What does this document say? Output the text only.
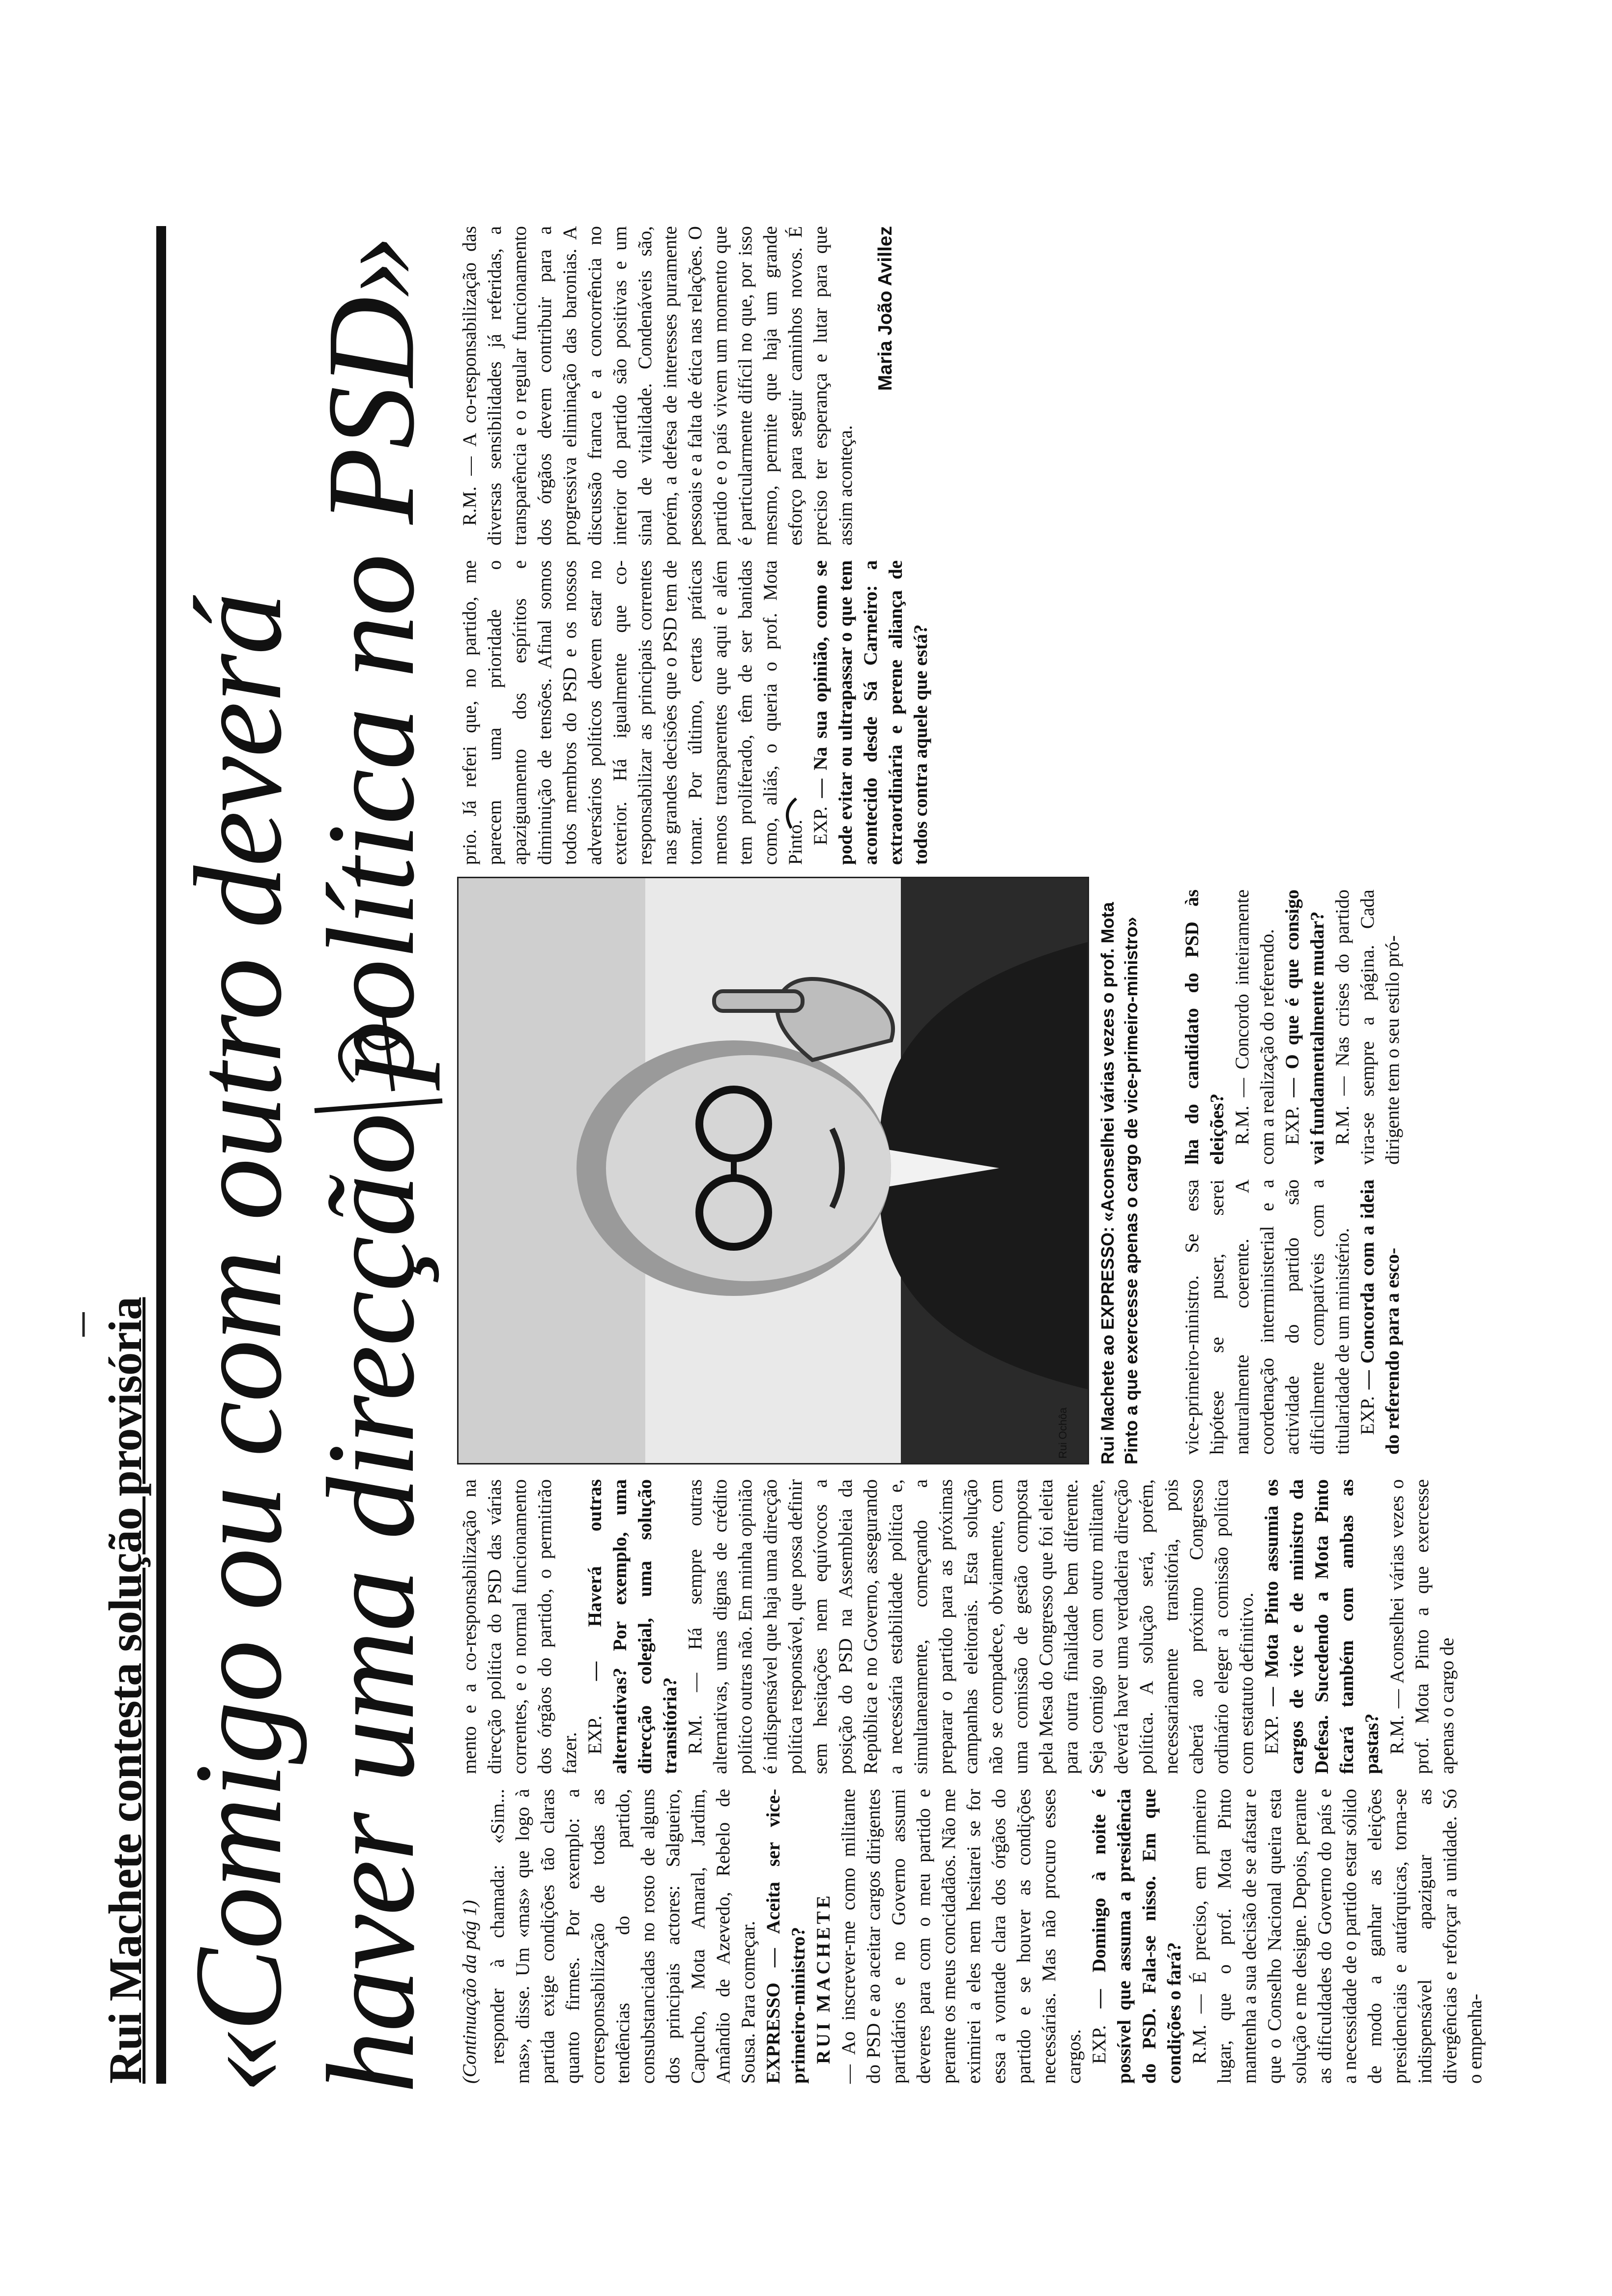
Rui Machete contesta solução provisória «Comigo ou com outro deverá
haver uma direcção política no PSD» (Continuação da pág 1) responder à chamada: «Sim... mas», disse. Um «mas» que logo à partida exige condições tão claras quanto firmes. Por exemplo: a corresponsabilização de todas as tendências do partido, consubstanciadas no rosto de alguns dos principais actores: Salgueiro, Capucho, Mota Amaral, Jardim, Amândio de Azevedo, Rebelo de Sousa. Para começar. EXPRESSO — Aceita ser vice-primeiro-ministro? RUI MACHETE — Ao inscrever-me como militante do PSD e ao aceitar cargos dirigentes partidários e no Governo assumi deveres para com o meu partido e perante os meus concidadãos. Não me eximirei a eles nem hesitarei se for essa a vontade clara dos órgãos do partido e se houver as condições necessárias. Mas não procuro esses cargos. EXP. — Domingo à noite é possível que assuma a presidência do PSD. Fala-se nisso. Em que condições o fará? R.M. — É preciso, em primeiro lugar, que o prof. Mota Pinto mantenha a sua decisão de se afastar e que o Conselho Nacional queira esta solução e me designe. Depois, perante as dificuldades do Governo do país e a necessidade de o partido estar sólido de modo a ganhar as eleições presidenciais e autárquicas, torna-se indispensável apaziguar as divergências e reforçar a unidade. Só o empenha-

mento e a co-responsabilização na direcção política do PSD das várias correntes, e o normal funcionamento dos órgãos do partido, o permitirão fazer. EXP. — Haverá outras alternativas? Por exemplo, uma direcção colegial, uma solução transitória? R.M. — Há sempre outras alternativas, umas dignas de crédito político outras não. Em minha opinião é indispensável que haja uma direcção política responsável, que possa definir sem hesitações nem equívocos a posição do PSD na Assembleia da República e no Governo, assegurando a necessária estabilidade política e, simultaneamente, começando a preparar o partido para as próximas campanhas eleitorais. Esta solução não se compadece, obviamente, com uma comissão de gestão composta pela Mesa do Congresso que foi eleita para outra finalidade bem diferente. Seja comigo ou com outro militante, deverá haver uma verdadeira direcção política. A solução será, porém, necessariamente transitória, pois caberá ao próximo Congresso ordinário eleger a comissão política com estatuto definitivo. EXP. — Mota Pinto assumia os cargos de vice e de ministro da Defesa. Sucedendo a Mota Pinto ficará também com ambas as pastas? R.M. — Aconselhei várias vezes o prof. Mota Pinto a que exercesse apenas o cargo de

Rui Ochôa Rui Machete ao EXPRESSO: «Aconselhei várias vezes o prof. Mota Pinto a que exercesse apenas o cargo de vice-primeiro-ministro» vice-primeiro-ministro. Se essa hipótese se puser, serei naturalmente coerente. A coordenação interministerial e a actividade do partido são dificilmente compatíveis com a titularidade de um ministério. EXP. — Concorda com a ideia do referendo para a esco-

lha do candidato do PSD às eleições? R.M. — Concordo inteiramente com a realização do referendo. EXP. — O que é que consigo vai fundamentalmente mudar? R.M. — Nas crises do partido vira-se sempre a página. Cada dirigente tem o seu estilo pró-

prio. Já referi que, no partido, me parecem uma prioridade o apaziguamento dos espíritos e diminuição de tensões. Afinal somos todos membros do PSD e os nossos adversários políticos devem estar no exterior. Há igualmente que co-responsabilizar as principais correntes nas grandes decisões que o PSD tem de tomar. Por último, certas práticas menos transparentes que aqui e além tem proliferado, têm de ser banidas como, aliás, o queria o prof. Mota Pinto. EXP. — Na sua opinião, como se pode evitar ou ultrapassar o que tem acontecido desde Sá Carneiro: a extraordinária e perene aliança de todos contra aquele que está?

R.M. — A co-responsabilização das diversas sensibilidades já referidas, a transparência e o regular funcionamento dos órgãos devem contribuir para a progressiva eliminação das baronias. A discussão franca e a concorrência no interior do partido são positivas e um sinal de vitalidade. Condenáveis são, porém, a defesa de interesses puramente pessoais e a falta de ética nas relações. O partido e o país vivem um momento que é particularmente difícil no que, por isso mesmo, permite que haja um grande esforço para seguir caminhos novos. É preciso ter esperança e lutar para que assim aconteça.

Maria João Avillez
